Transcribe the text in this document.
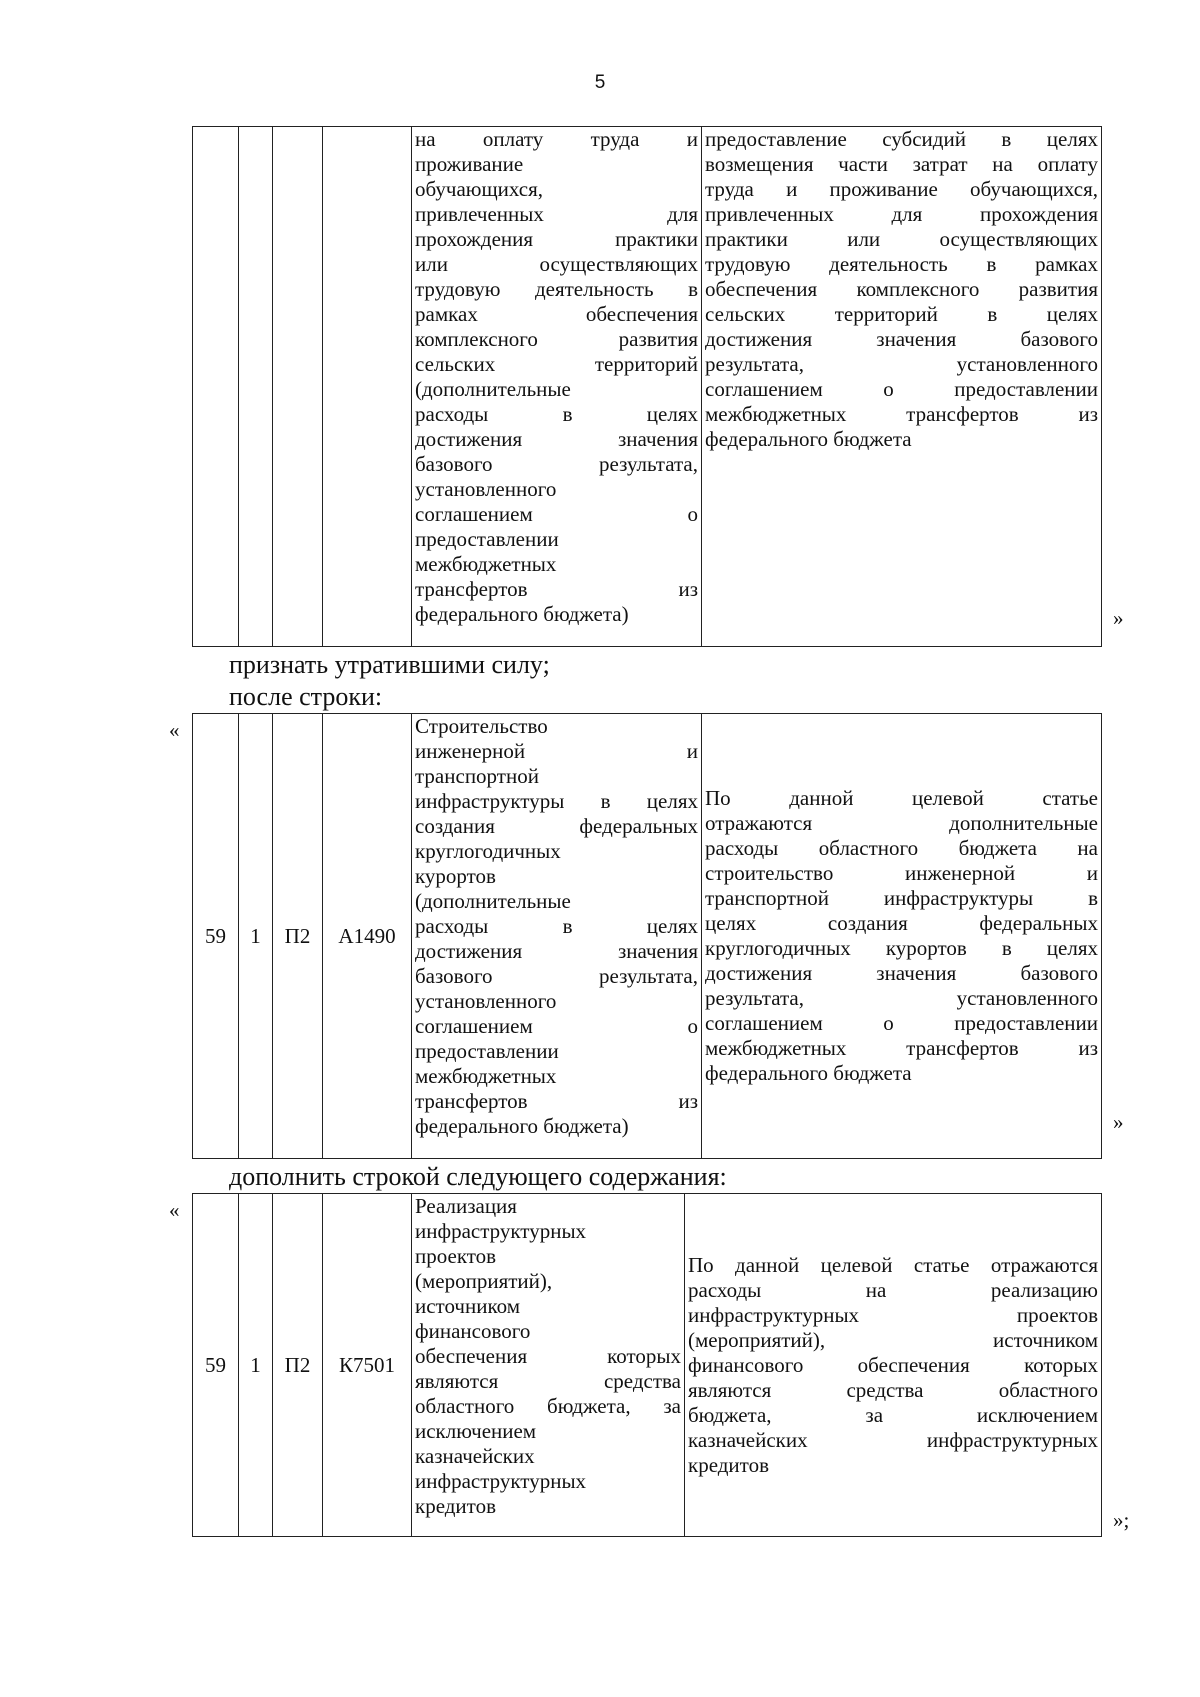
5

на оплату труда и
проживание
обучающихся,
привлеченных для
прохождения практики
или осуществляющих
трудовую деятельность в
рамках обеспечения
комплексного развития
сельских территорий
(дополнительные
расходы в целях
достижения значения
базового результата,
установленного
соглашением о
предоставлении
межбюджетных
трансфертов из
федерального бюджета)

предоставление субсидий в целях
возмещения части затрат на оплату
труда и проживание обучающихся,
привлеченных для прохождения
практики или осуществляющих
трудовую деятельность в рамках
обеспечения комплексного развития
сельских территорий в целях
достижения значения базового
результата, установленного
соглашением о предоставлении
межбюджетных трансфертов из
федерального бюджета
»

признать утратившими силу;

после строки:

«
59	1	П2	А1490	
Строительство
инженерной и
транспортной
инфраструктуры в целях
создания федеральных
круглогодичных
курортов
(дополнительные
расходы в целях
достижения значения
базового результата,
установленного
соглашением о
предоставлении
межбюджетных
трансфертов из
федерального бюджета)

По данной целевой статье
отражаются дополнительные
расходы областного бюджета на
строительство инженерной и
транспортной инфраструктуры в
целях создания федеральных
круглогодичных курортов в целях
достижения значения базового
результата, установленного
соглашением о предоставлении
межбюджетных трансфертов из
федерального бюджета
»

дополнить строкой следующего содержания:

«
59	1	П2	К7501	
Реализация
инфраструктурных
проектов
(мероприятий),
источником
финансового
обеспечения которых
являются средства
областного бюджета, за
исключением
казначейских
инфраструктурных
кредитов

По данной целевой статье отражаются
расходы на реализацию
инфраструктурных проектов
(мероприятий), источником
финансового обеспечения которых
являются средства областного
бюджета, за исключением
казначейских инфраструктурных
кредитов
»;
